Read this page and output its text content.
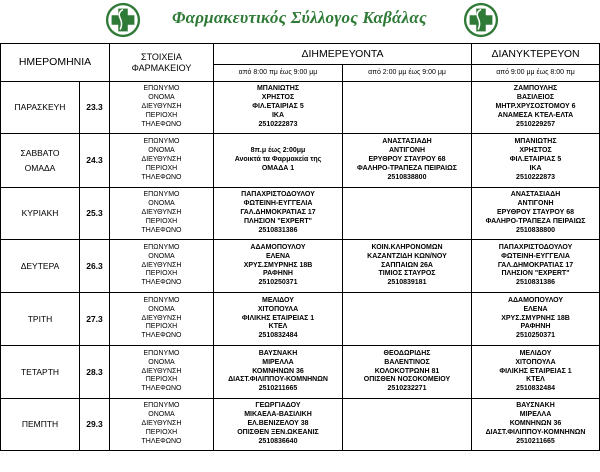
Φαρμακευτικός Σύλλογος Καβάλας
ΗΜΕΡΟΜΗΝΙΑ		ΣΤΟΙΧΕΙΑ
ΦΑΡΜΑΚΕΙΟΥ	ΔΙΗΜΕΡΕΥΟΝΤΑ		ΔΙΑΝΥΚΤΕΡΕΥΟΝ
			από 8:00 πμ έως 9:00 μμ	από 2:00 μμ έως 9:00 μμ	από 9:00 μμ έως 8:00 πμ

ΠΑΡΑΣΚΕΥΗ	23.3	ΕΠΩΝΥΜΟ
ΟΝΟΜΑ
ΔΙΕΥΘΥΝΣΗ
ΠΕΡΙΟΧΗ
ΤΗΛΕΦΩΝΟ	ΜΠΑΝΙΩΤΗΣ
ΧΡΗΣΤΟΣ
ΦΙΛ.ΕΤΑΙΡΙΑΣ 5
ΙΚΑ
2510222873		ΖΑΜΠΟΥΛΗΣ
ΒΑΣΙΛΕΙΟΣ
ΜΗΤΡ.ΧΡΥΣΟΣΤΟΜΟΥ 6
ΑΝΑΜΕΣΑ ΚΤΕΛ-ΕΛΤΑ
2510229257

ΣΑΒΒΑΤΟ
ΟΜΑΔΑ	24.3	ΕΠΩΝΥΜΟ
ΟΝΟΜΑ
ΔΙΕΥΘΥΝΣΗ
ΠΕΡΙΟΧΗ
ΤΗΛΕΦΩΝΟ	8π.μ έως 2:00μμ
Ανοικτά τα Φαρμακεία της
ΟΜΑΔΑ 1	ΑΝΑΣΤΑΣΙΑΔΗ
ΑΝΤΙΓΟΝΗ
ΕΡΥΘΡΟΥ ΣΤΑΥΡΟΥ 68
ΦΑΛΗΡΟ-ΤΡΑΠΕΖΑ ΠΕΙΡΑΙΩΣ
2510838800	ΜΠΑΝΙΩΤΗΣ
ΧΡΗΣΤΟΣ
ΦΙΛ.ΕΤΑΙΡΙΑΣ 5
ΙΚΑ
2510222873

ΚΥΡΙΑΚΗ	25.3	ΕΠΩΝΥΜΟ
ΟΝΟΜΑ
ΔΙΕΥΘΥΝΣΗ
ΠΕΡΙΟΧΗ
ΤΗΛΕΦΩΝΟ	ΠΑΠΑΧΡΙΣΤΟΔΟΥΛΟΥ
ΦΩΤΕΙΝΗ-ΕΥΓΓΕΛΙΑ
ΓΑΛ.ΔΗΜΟΚΡΑΤΙΑΣ 17
ΠΛΗΣΙΟΝ "EXPERT"
2510831386		ΑΝΑΣΤΑΣΙΑΔΗ
ΑΝΤΙΓΟΝΗ
ΕΡΥΘΡΟΥ ΣΤΑΥΡΟΥ 68
ΦΑΛΗΡΟ-ΤΡΑΠΕΖΑ ΠΕΙΡΑΙΩΣ
2510838800

ΔΕΥΤΕΡΑ	26.3	ΕΠΩΝΥΜΟ
ΟΝΟΜΑ
ΔΙΕΥΘΥΝΣΗ
ΠΕΡΙΟΧΗ
ΤΗΛΕΦΩΝΟ	ΑΔΑΜΟΠΟΥΛΟΥ
ΕΛΕΝΑ
ΧΡΥΣ.ΣΜΥΡΝΗΣ 18Β
ΡΑΦΗΝΗ
2510250371	ΚΟΙΝ.ΚΛΗΡΟΝΟΜΩΝ
ΚΑΖΑΝΤΖΙΔΗ ΚΩΝ/ΝΟΥ
ΣΑΠΠΑΙΩΝ 26Α
ΤΙΜΙΟΣ ΣΤΑΥΡΟΣ
2510839181	ΠΑΠΑΧΡΙΣΤΟΔΟΥΛΟΥ
ΦΩΤΕΙΝΗ-ΕΥΓΓΕΛΙΑ
ΓΑΛ.ΔΗΜΟΚΡΑΤΙΑΣ 17
ΠΛΗΣΙΟΝ "EXPERT"
2510831386

ΤΡΙΤΗ	27.3	ΕΠΩΝΥΜΟ
ΟΝΟΜΑ
ΔΙΕΥΘΥΝΣΗ
ΠΕΡΙΟΧΗ
ΤΗΛΕΦΩΝΟ	ΜΕΛΙΔΟΥ
ΧΙΤΟΠΟΥΛΑ
ΦΙΛΙΚΗΣ ΕΤΑΙΡΕΙΑΣ 1
ΚΤΕΛ
2510832484		ΑΔΑΜΟΠΟΥΛΟΥ
ΕΛΕΝΑ
ΧΡΥΣ.ΣΜΥΡΝΗΣ 18Β
ΡΑΦΗΝΗ
2510250371

ΤΕΤΑΡΤΗ	28.3	ΕΠΩΝΥΜΟ
ΟΝΟΜΑ
ΔΙΕΥΘΥΝΣΗ
ΠΕΡΙΟΧΗ
ΤΗΛΕΦΩΝΟ	ΒΑΥΣΝΑΚΗ
ΜΙΡΕΛΛΑ
ΚΟΜΝΗΝΩΝ 36
ΔΙΑΣΤ.ΦΙΛΙΠΠΟΥ-ΚΟΜΝΗΝΩΝ
2510211665	ΘΕΟΔΩΡΙΔΗΣ
ΒΑΛΕΝΤΙΝΟΣ
ΚΟΛΟΚΟΤΡΩΝΗ 81
ΟΠΙΣΘΕΝ ΝΟΣΟΚΟΜΕΙΟΥ
2510232271	ΜΕΛΙΔΟΥ
ΧΙΤΟΠΟΥΛΑ
ΦΙΛΙΚΗΣ ΕΤΑΙΡΕΙΑΣ 1
ΚΤΕΛ
2510832484

ΠΕΜΠΤΗ	29.3	ΕΠΩΝΥΜΟ
ΟΝΟΜΑ
ΔΙΕΥΘΥΝΣΗ
ΠΕΡΙΟΧΗ
ΤΗΛΕΦΩΝΟ	ΓΕΩΡΓΙΑΔΟΥ
ΜΙΚΑΕΛΑ-ΒΑΣΙΛΙΚΗ
ΕΛ.ΒΕΝΙΖΕΛΟΥ 38
ΟΠΙΣΘΕΝ ΞΕΝ.ΩΚΕΑΝΙΣ
2510836640		ΒΑΥΣΝΑΚΗ
ΜΙΡΕΛΛΑ
ΚΟΜΝΗΝΩΝ 36
ΔΙΑΣΤ.ΦΙΛΙΠΠΟΥ-ΚΟΜΝΗΝΩΝ
2510211665
